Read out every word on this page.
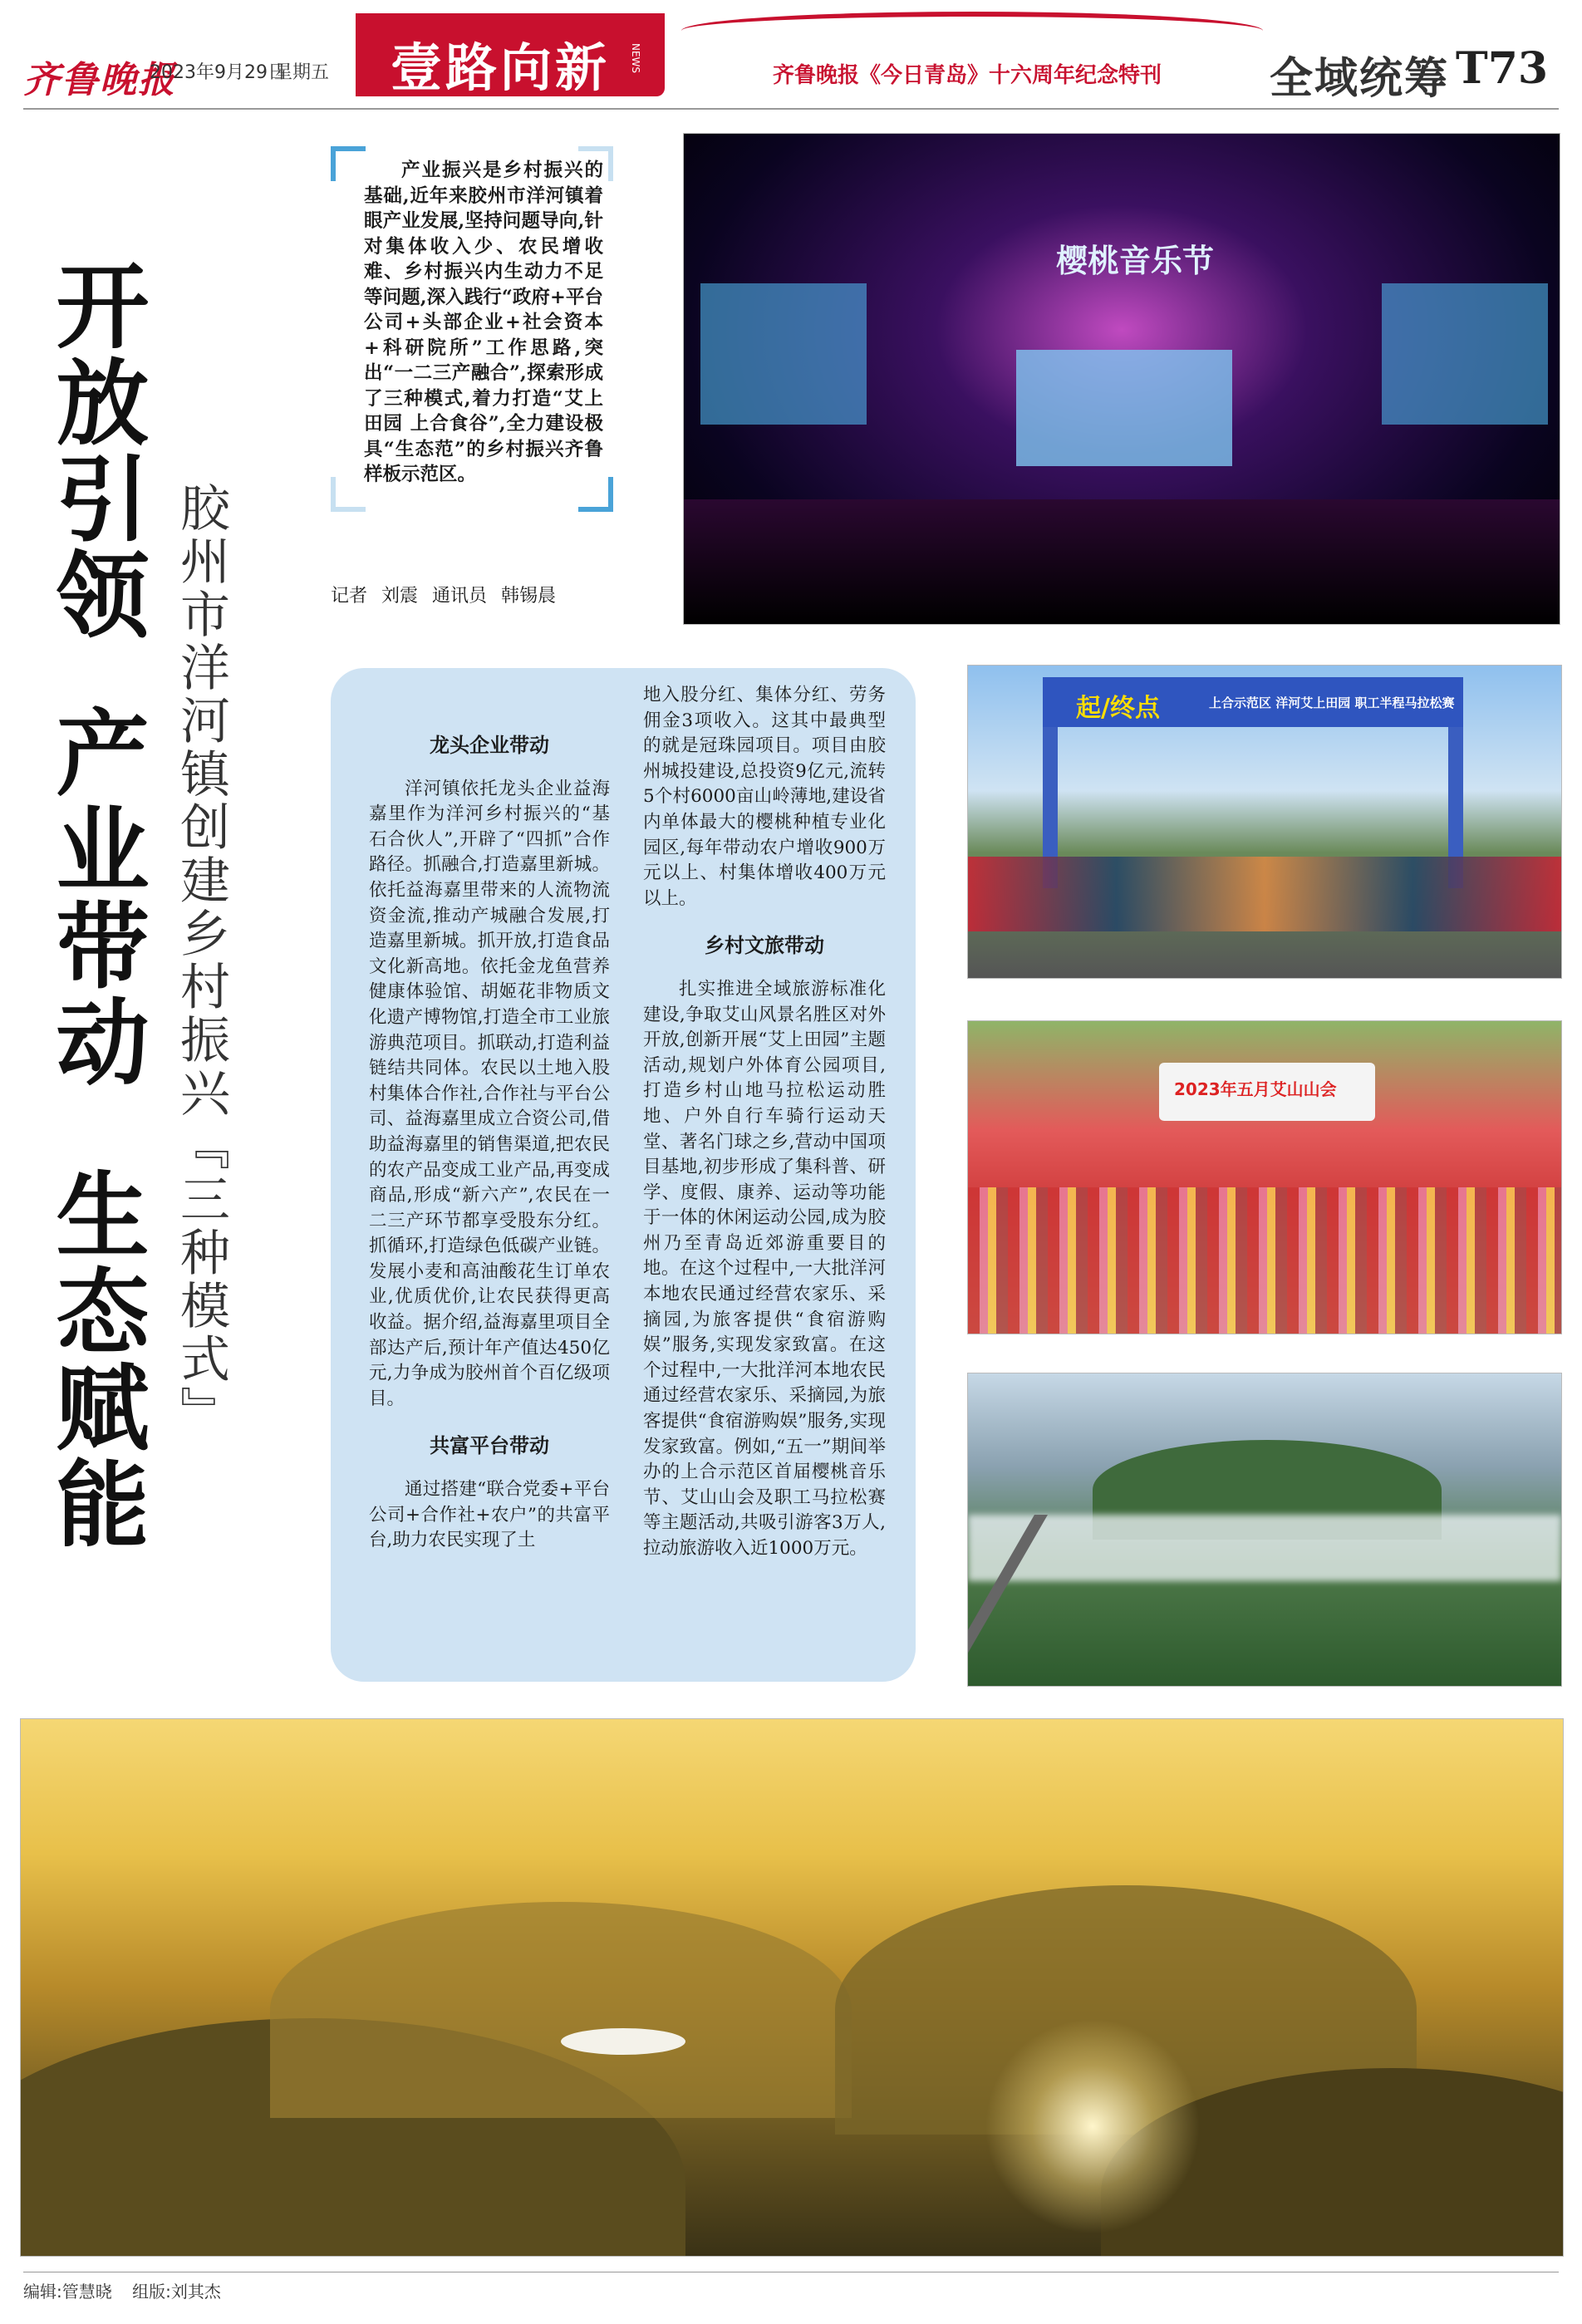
齐鲁晚报
2023年9月29日
星期五 壹路向新 NEWS
齐鲁晚报《今日青岛》十六周年纪念特刊 全域统筹 T73
开放引领
产业带动
生态赋能 胶州市洋河镇创建乡村振兴『三种模式』
产业振兴是乡村振兴的基础,近年来胶州市洋河镇着眼产业发展,坚持问题导向,针对集体收入少、农民增收难、乡村振兴内生动力不足等问题,深入践行“政府+平台公司+头部企业+社会资本+科研院所”工作思路,突出“一二三产融合”,探索形成了三种模式,着力打造“艾上田园 上合食谷”,全力建设极具“生态范”的乡村振兴齐鲁样板示范区。
记者 刘震 通讯员 韩锡晨
龙头企业带动

洋河镇依托龙头企业益海嘉里作为洋河乡村振兴的“基石合伙人”,开辟了“四抓”合作路径。抓融合,打造嘉里新城。依托益海嘉里带来的人流物流资金流,推动产城融合发展,打造嘉里新城。抓开放,打造食品文化新高地。依托金龙鱼营养健康体验馆、胡姬花非物质文化遗产博物馆,打造全市工业旅游典范项目。抓联动,打造利益链结共同体。农民以土地入股村集体合作社,合作社与平台公司、益海嘉里成立合资公司,借助益海嘉里的销售渠道,把农民的农产品变成工业产品,再变成商品,形成“新六产”,农民在一二三产环节都享受股东分红。抓循环,打造绿色低碳产业链。发展小麦和高油酸花生订单农业,优质优价,让农民获得更高收益。据介绍,益海嘉里项目全部达产后,预计年产值达450亿元,力争成为胶州首个百亿级项目。

共富平台带动

通过搭建“联合党委+平台公司+合作社+农户”的共富平台,助力农民实现了土

地入股分红、集体分红、劳务佣金3项收入。这其中最典型的就是冠珠园项目。项目由胶州城投建设,总投资9亿元,流转5个村6000亩山岭薄地,建设省内单体最大的樱桃种植专业化园区,每年带动农户增收900万元以上、村集体增收400万元以上。

乡村文旅带动

扎实推进全域旅游标准化建设,争取艾山风景名胜区对外开放,创新开展“艾上田园”主题活动,规划户外体育公园项目,打造乡村山地马拉松运动胜地、户外自行车骑行运动天堂、著名门球之乡,营动中国项目基地,初步形成了集科普、研学、度假、康养、运动等功能于一体的休闲运动公园,成为胶州乃至青岛近郊游重要目的地。在这个过程中,一大批洋河本地农民通过经营农家乐、采摘园,为旅客提供“食宿游购娱”服务,实现发家致富。在这个过程中,一大批洋河本地农民通过经营农家乐、采摘园,为旅客提供“食宿游购娱”服务,实现发家致富。例如,“五一”期间举办的上合示范区首届樱桃音乐节、艾山山会及职工马拉松赛等主题活动,共吸引游客3万人,拉动旅游收入近1000万元。

樱桃音乐节
起/终点	上合示范区 洋河艾上田园 职工半程马拉松赛
2023年五月艾山山会
编辑:管慧晓 组版:刘其杰
